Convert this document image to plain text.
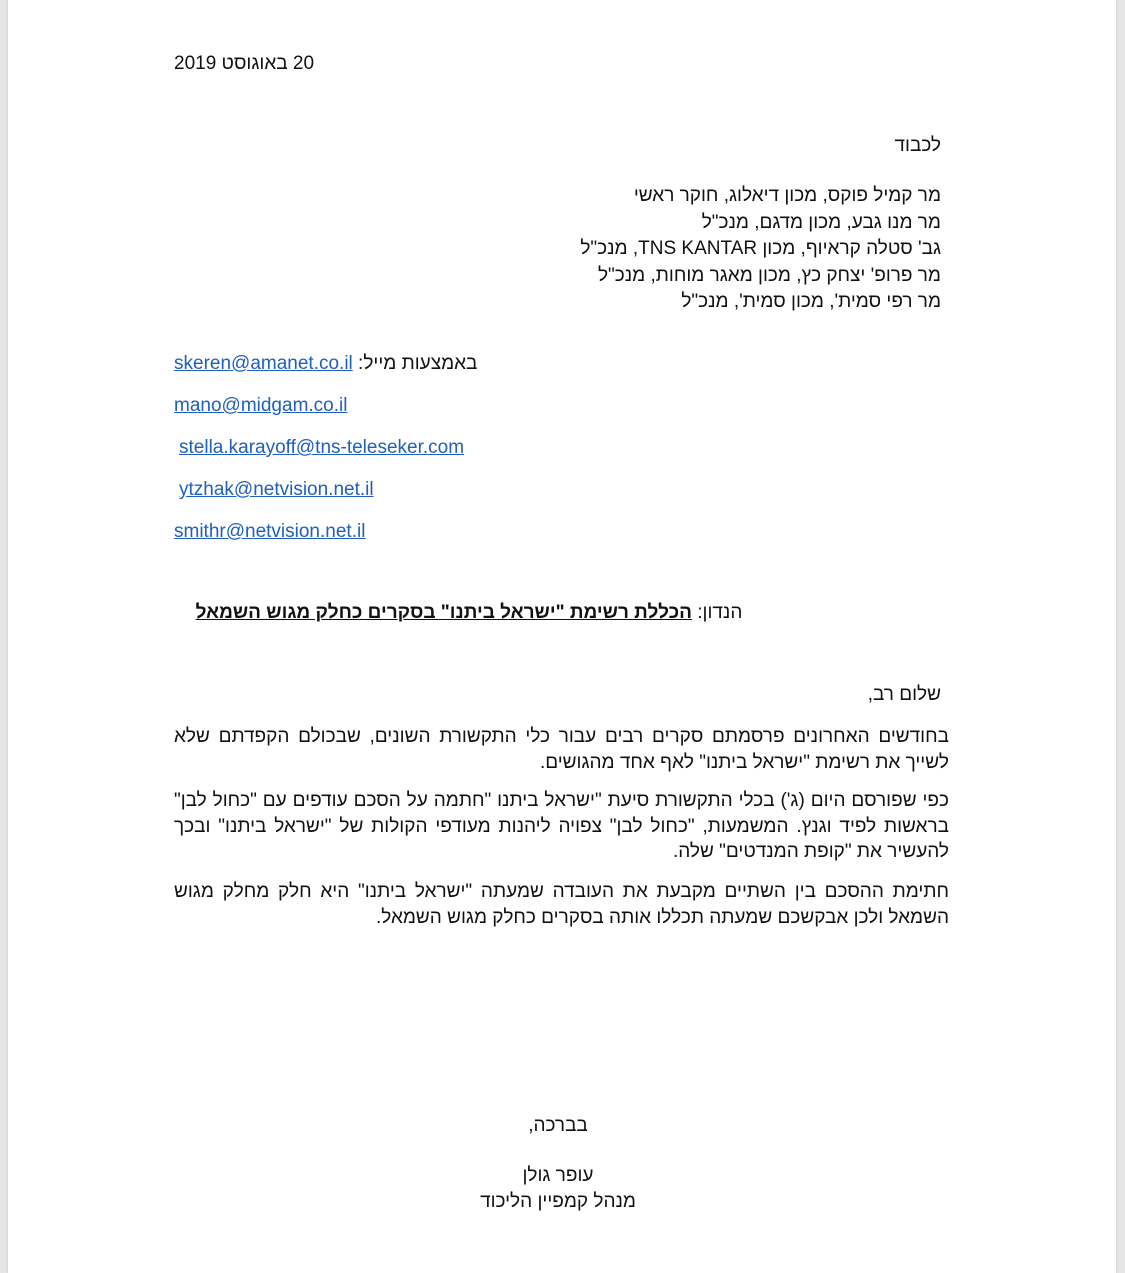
20 באוגוסט 2019
לכבוד
מר קמיל פוקס, מכון דיאלוג, חוקר ראשי
מר מנו גבע, מכון מדגם, מנכ"ל
גב' סטלה קראיוף, מכון TNS KANTAR, מנכ"ל
מר פרופ' יצחק כץ, מכון מאגר מוחות, מנכ"ל
מר רפי סמית', מכון סמית', מנכ"ל
skeren@amanet.co.il באמצעות מייל:
mano@midgam.co.il
stella.karayoff@tns-teleseker.com
ytzhak@netvision.net.il
smithr@netvision.net.il
הנדון: הכללת רשימת "ישראל ביתנו" בסקרים כחלק מגוש השמאל
שלום רב,
בחודשים האחרונים פרסמתם סקרים רבים עבור כלי התקשורת השונים, שבכולם הקפדתם שלא לשייך את רשימת "ישראל ביתנו" לאף אחד מהגושים.
כפי שפורסם היום (ג') בכלי התקשורת סיעת "ישראל ביתנו "חתמה על הסכם עודפים עם "כחול לבן" בראשות לפיד וגנץ. המשמעות, "כחול לבן" צפויה ליהנות מעודפי הקולות של "ישראל ביתנו" ובכך להעשיר את "קופת המנדטים" שלה.
חתימת ההסכם בין השתיים מקבעת את העובדה שמעתה "ישראל ביתנו" היא חלק מחלק מגוש השמאל ולכן אבקשכם שמעתה תכללו אותה בסקרים כחלק מגוש השמאל.
בברכה,
עופר גולן
מנהל קמפיין הליכוד
